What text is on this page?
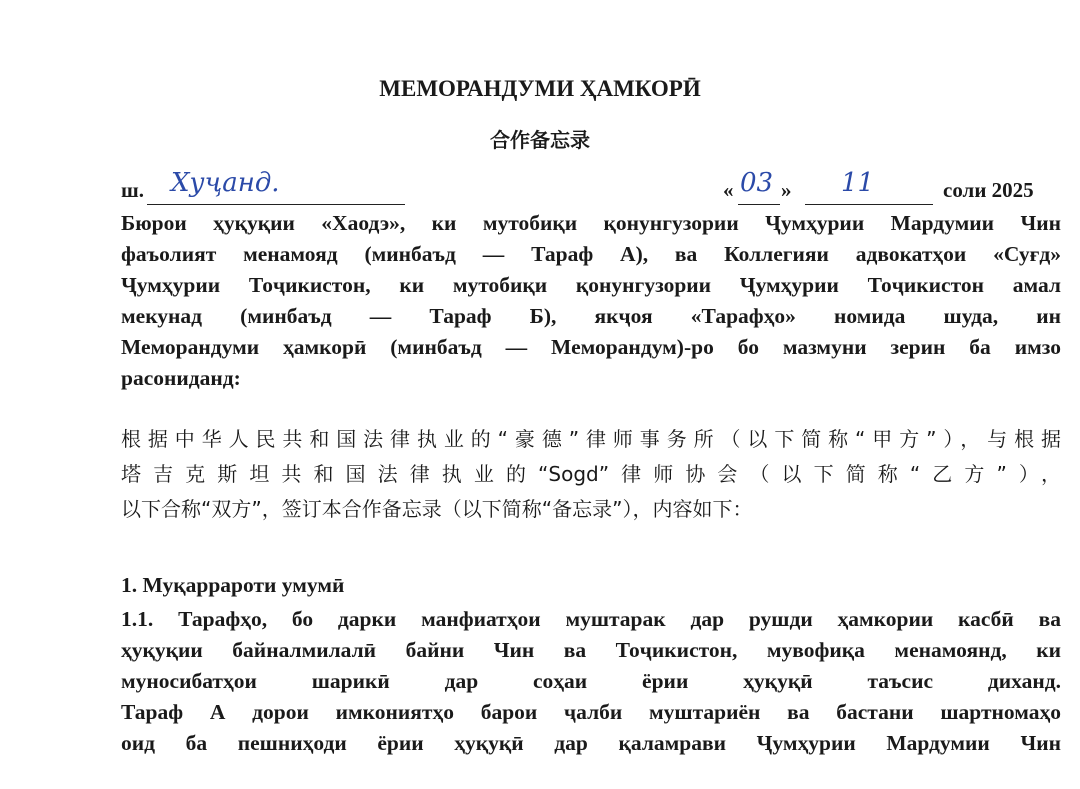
МЕМОРАНДУМИ ҲАМКОРӢ
合作备忘录
ш. Хуҷанд.	« 03 » 11	соли 2025
Бюрои ҳуқуқии «Хаодэ», ки мутобиқи қонунгузории Ҷумҳурии Мардумии Чин
фаъолият менамояд (минбаъд — Тараф А), ва Коллегияи адвокатҳои «Суғд»
Ҷумҳурии Тоҷикистон, ки мутобиқи қонунгузории Ҷумҳурии Тоҷикистон амал
мекунад (минбаъд — Тараф Б), якҷоя «Тарафҳо» номида шуда, ин
Меморандуми ҳамкорӣ (минбаъд — Меморандум)-ро бо мазмуни зерин ба имзо
расониданд:
根据中华人民共和国法律执业的“豪德”律师事务所（以下简称“甲方”），与根据
塔吉克斯坦共和国法律执业的“Sogd”律师协会（以下简称“乙方”），
以下合称“双方”，签订本合作备忘录（以下简称“备忘录”），内容如下：
1. Муқаррароти умумӣ
1.1. Тарафҳо, бо дарки манфиатҳои муштарак дар рушди ҳамкории касбӣ ва
ҳуқуқии байналмилалӣ байни Чин ва Тоҷикистон, мувофиқа менамоянд, ки
муносибатҳои шарикӣ дар соҳаи ёрии ҳуқуқӣ таъсис диханд.
Тараф А дорои имкониятҳо барои ҷалби муштариён ва бастани шартномаҳо
оид ба пешниҳоди ёрии ҳуқуқӣ дар қаламрави Ҷумҳурии Мардумии Чин
